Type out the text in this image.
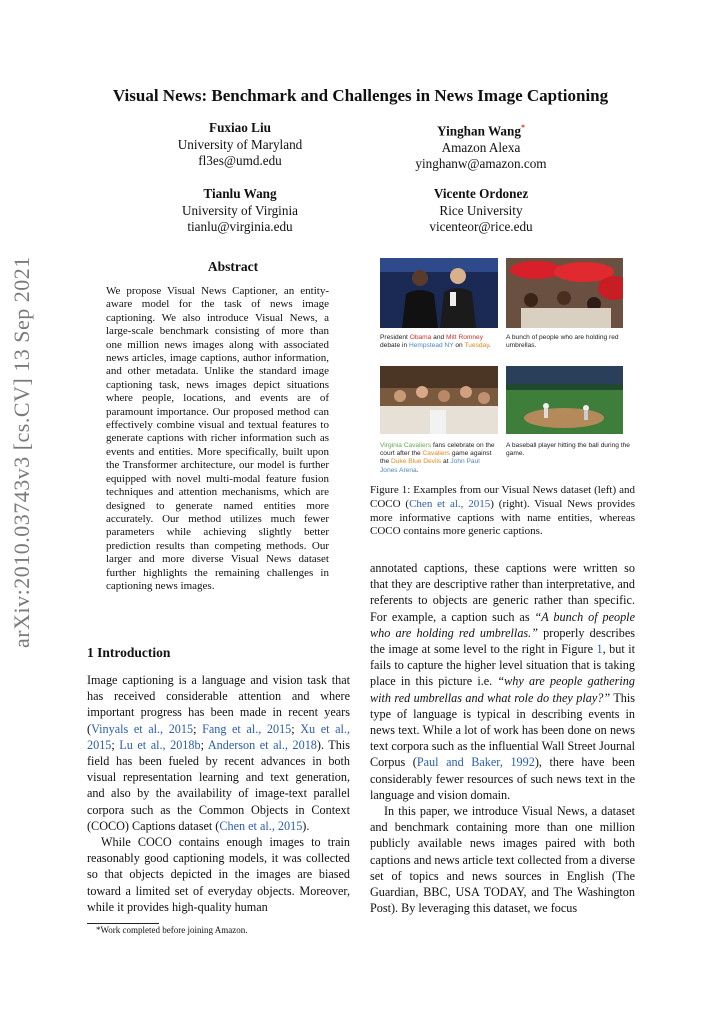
Visual News: Benchmark and Challenges in News Image Captioning
Fuxiao Liu
University of Maryland
fl3es@umd.edu
Yinghan Wang*
Amazon Alexa
yinghanw@amazon.com
Tianlu Wang
University of Virginia
tianlu@virginia.edu
Vicente Ordonez
Rice University
vicenteor@rice.edu
arXiv:2010.03743v3 [cs.CV] 13 Sep 2021	Abstract
We propose Visual News Captioner, an entity-aware model for the task of news image captioning. We also introduce Visual News, a large-scale benchmark consisting of more than one million news images along with associated news articles, image captions, author information, and other metadata. Unlike the standard image captioning task, news images depict situations where people, locations, and events are of paramount importance. Our proposed method can effectively combine visual and textual features to generate captions with richer information such as events and entities. More specifically, built upon the Transformer architecture, our model is further equipped with novel multi-modal feature fusion techniques and attention mechanisms, which are designed to generate named entities more accurately. Our method utilizes much fewer parameters while achieving slightly better prediction results than competing methods. Our larger and more diverse Visual News dataset further highlights the remaining challenges in captioning news images.
1 Introduction

Image captioning is a language and vision task that has received considerable attention and where important progress has been made in recent years (Vinyals et al., 2015; Fang et al., 2015; Xu et al., 2015; Lu et al., 2018b; Anderson et al., 2018). This field has been fueled by recent advances in both visual representation learning and text generation, and also by the availability of image-text parallel corpora such as the Common Objects in Context (COCO) Captions dataset (Chen et al., 2015).

While COCO contains enough images to train reasonably good captioning models, it was collected so that objects depicted in the images are biased toward a limited set of everyday objects. Moreover, while it provides high-quality human

*Work completed before joining Amazon.
President Obama and Mitt Romney debate in Hempstead NY on Tuesday.
A bunch of people who are holding red umbrellas.
Virginia Cavaliers fans celebrate on the court after the Cavaliers game against the Duke Blue Devils at John Paul Jones Arena.
A baseball player hitting the ball during the game.
Figure 1: Examples from our Visual News dataset (left) and COCO (Chen et al., 2015) (right). Visual News provides more informative captions with name entities, whereas COCO contains more generic captions.

annotated captions, these captions were written so that they are descriptive rather than interpretative, and referents to objects are generic rather than specific. For example, a caption such as “A bunch of people who are holding red umbrellas.” properly describes the image at some level to the right in Figure 1, but it fails to capture the higher level situation that is taking place in this picture i.e. “why are people gathering with red umbrellas and what role do they play?” This type of language is typical in describing events in news text. While a lot of work has been done on news text corpora such as the influential Wall Street Journal Corpus (Paul and Baker, 1992), there have been considerably fewer resources of such news text in the language and vision domain.

In this paper, we introduce Visual News, a dataset and benchmark containing more than one million publicly available news images paired with both captions and news article text collected from a diverse set of topics and news sources in English (The Guardian, BBC, USA TODAY, and The Washington Post). By leveraging this dataset, we focus
